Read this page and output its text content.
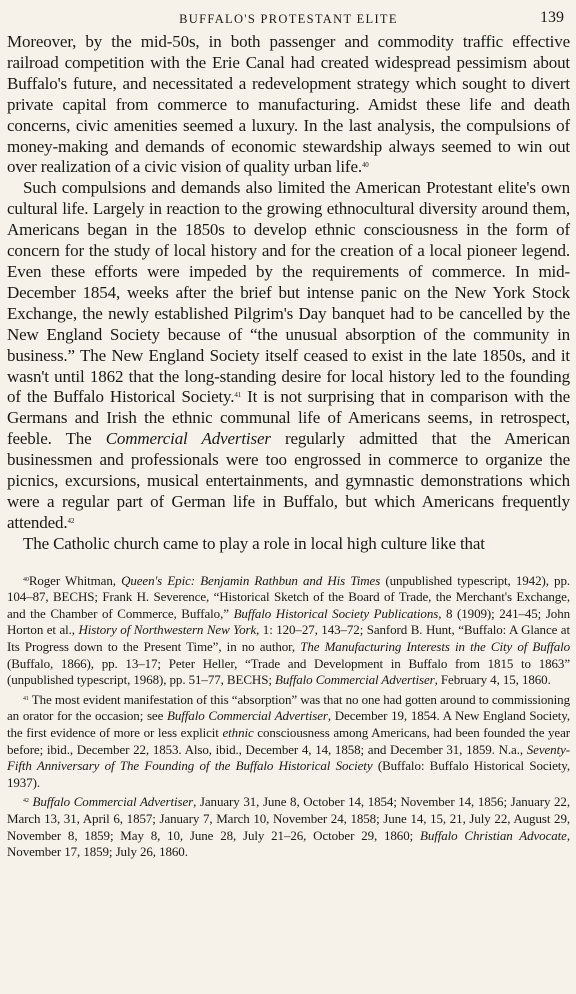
BUFFALO'S PROTESTANT ELITE	139

Moreover, by the mid-50s, in both passenger and commodity traffic effective railroad competition with the Erie Canal had created widespread pessimism about Buffalo's future, and necessitated a redevelopment strategy which sought to divert private capital from commerce to manufacturing. Amidst these life and death concerns, civic amenities seemed a luxury. In the last analysis, the compulsions of money-making and demands of economic stewardship always seemed to win out over realization of a civic vision of quality urban life.$^{40}$

Such compulsions and demands also limited the American Protestant elite's own cultural life. Largely in reaction to the growing ethnocultural diversity around them, Americans began in the 1850s to develop ethnic consciousness in the form of concern for the study of local history and for the creation of a local pioneer legend. Even these efforts were impeded by the requirements of commerce. In mid-December 1854, weeks after the brief but intense panic on the New York Stock Exchange, the newly established Pilgrim's Day banquet had to be cancelled by the New England Society because of “the unusual absorption of the community in business.” The New England Society itself ceased to exist in the late 1850s, and it wasn't until 1862 that the long-standing desire for local history led to the founding of the Buffalo Historical Society.$^{41}$ It is not surprising that in comparison with the Germans and Irish the ethnic communal life of Americans seems, in retrospect, feeble. The Commercial Advertiser regularly admitted that the American businessmen and professionals were too engrossed in commerce to organize the picnics, excursions, musical entertainments, and gymnastic demonstrations which were a regular part of German life in Buffalo, but which Americans frequently attended.$^{42}$

The Catholic church came to play a role in local high culture like that

$^{40}$Roger Whitman, Queen's Epic: Benjamin Rathbun and His Times (unpublished typescript, 1942), pp. 104–87, BECHS; Frank H. Severence, “Historical Sketch of the Board of Trade, the Merchant's Exchange, and the Chamber of Commerce, Buffalo,” Buffalo Historical Society Publications, 8 (1909); 241–45; John Horton et al., History of Northwestern New York, 1: 120–27, 143–72; Sanford B. Hunt, “Buffalo: A Glance at Its Progress down to the Present Time”, in no author, The Manufacturing Interests in the City of Buffalo (Buffalo, 1866), pp. 13–17; Peter Heller, “Trade and Development in Buffalo from 1815 to 1863” (unpublished typescript, 1968), pp. 51–77, BECHS; Buffalo Commercial Advertiser, February 4, 15, 1860.

$^{41}$ The most evident manifestation of this “absorption” was that no one had gotten around to commissioning an orator for the occasion; see Buffalo Commercial Advertiser, December 19, 1854. A New England Society, the first evidence of more or less explicit ethnic consciousness among Americans, had been founded the year before; ibid., December 22, 1853. Also, ibid., December 4, 14, 1858; and December 31, 1859. N.a., Seventy-Fifth Anniversary of The Founding of the Buffalo Historical Society (Buffalo: Buffalo Historical Society, 1937).

$^{42}$ Buffalo Commercial Advertiser, January 31, June 8, October 14, 1854; November 14, 1856; January 22, March 13, 31, April 6, 1857; January 7, March 10, November 24, 1858; June 14, 15, 21, July 22, August 29, November 8, 1859; May 8, 10, June 28, July 21–26, October 29, 1860; Buffalo Christian Advocate, November 17, 1859; July 26, 1860.
